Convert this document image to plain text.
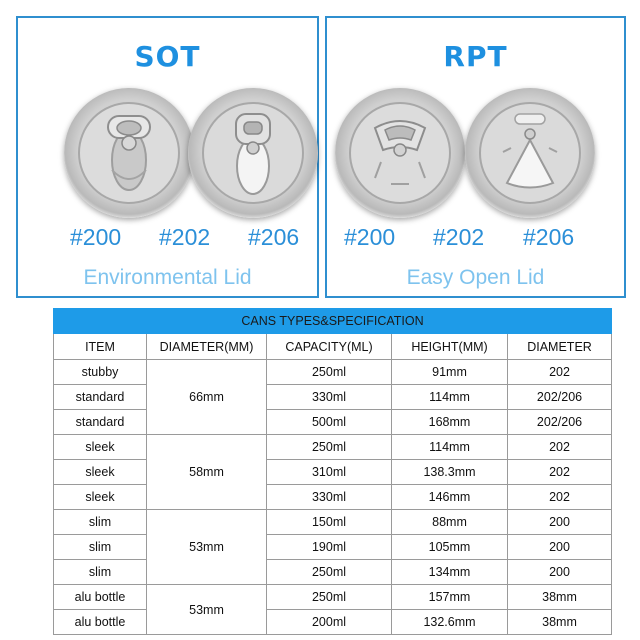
SOT
#200 #202 #206
Environmental Lid
RPT
#200 #202 #206
Easy Open Lid
CANS TYPES&SPECIFICATION				
ITEM	DIAMETER(MM)	CAPACITY(ML)	HEIGHT(MM)	DIAMETER
stubby	66mm	250ml	91mm	202
standard		330ml	114mm	202/206
standard		500ml	168mm	202/206
sleek	58mm	250ml	114mm	202
sleek		310ml	138.3mm	202
sleek		330ml	146mm	202
slim	53mm	150ml	88mm	200
slim		190ml	105mm	200
slim		250ml	134mm	200
alu bottle	53mm	250ml	157mm	38mm
alu bottle		200ml	132.6mm	38mm
